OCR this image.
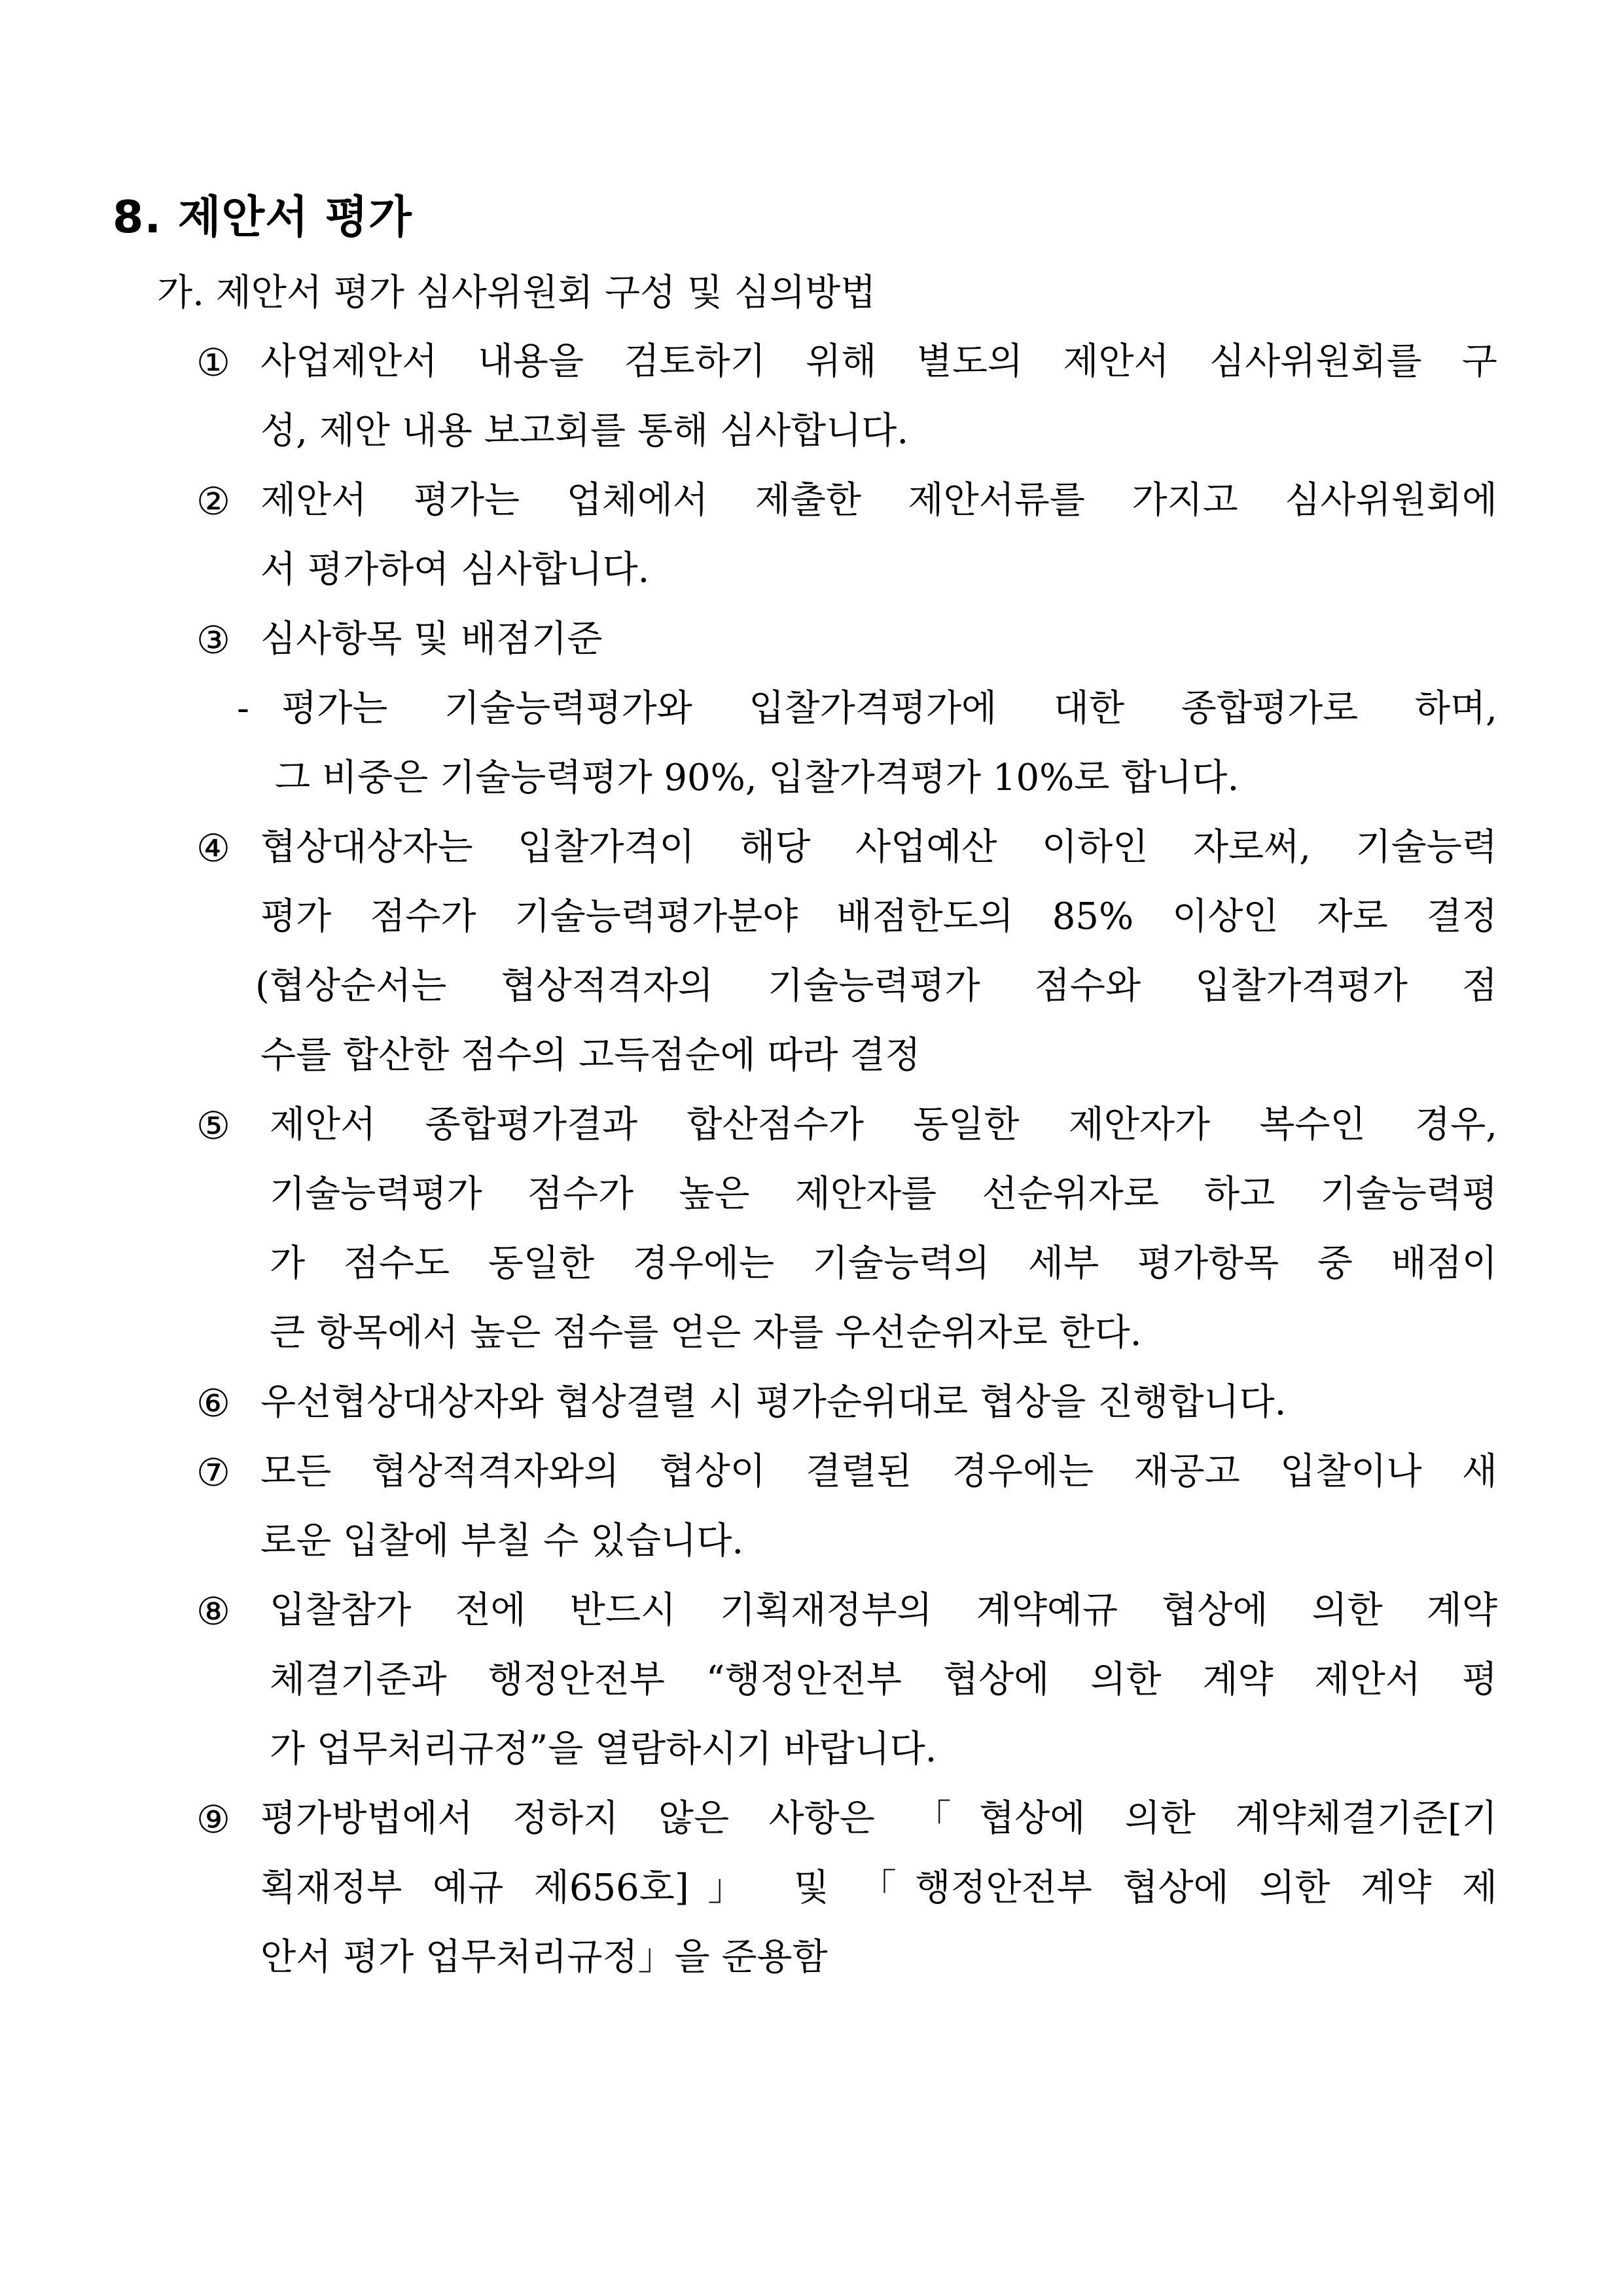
8. 제안서 평가
가. 제안서 평가 심사위원회 구성 및 심의방법
① 사업제안서 내용을 검토하기 위해 별도의 제안서 심사위원회를 구
성, 제안 내용 보고회를 통해 심사합니다.
② 제안서 평가는 업체에서 제출한 제안서류를 가지고 심사위원회에
서 평가하여 심사합니다.
③ 심사항목 및 배점기준
- 평가는 기술능력평가와 입찰가격평가에 대한 종합평가로 하며,
그 비중은 기술능력평가 90%, 입찰가격평가 10%로 합니다.
④ 협상대상자는 입찰가격이 해당 사업예산 이하인 자로써, 기술능력
평가 점수가 기술능력평가분야 배점한도의 85% 이상인 자로 결정
(협상순서는 협상적격자의 기술능력평가 점수와 입찰가격평가 점
수를 합산한 점수의 고득점순에 따라 결정
⑤ 제안서 종합평가결과 합산점수가 동일한 제안자가 복수인 경우,
기술능력평가 점수가 높은 제안자를 선순위자로 하고 기술능력평
가 점수도 동일한 경우에는 기술능력의 세부 평가항목 중 배점이
큰 항목에서 높은 점수를 얻은 자를 우선순위자로 한다.
⑥ 우선협상대상자와 협상결렬 시 평가순위대로 협상을 진행합니다.
⑦ 모든 협상적격자와의 협상이 결렬된 경우에는 재공고 입찰이나 새
로운 입찰에 부칠 수 있습니다.
⑧ 입찰참가 전에 반드시 기획재정부의 계약예규 협상에 의한 계약
체결기준과 행정안전부 “행정안전부 협상에 의한 계약 제안서 평
가 업무처리규정”을 열람하시기 바랍니다.
⑨ 평가방법에서 정하지 않은 사항은 「협상에 의한 계약체결기준[기
획재정부 예규 제656호]」 및 「행정안전부 협상에 의한 계약 제
안서 평가 업무처리규정」을 준용함
